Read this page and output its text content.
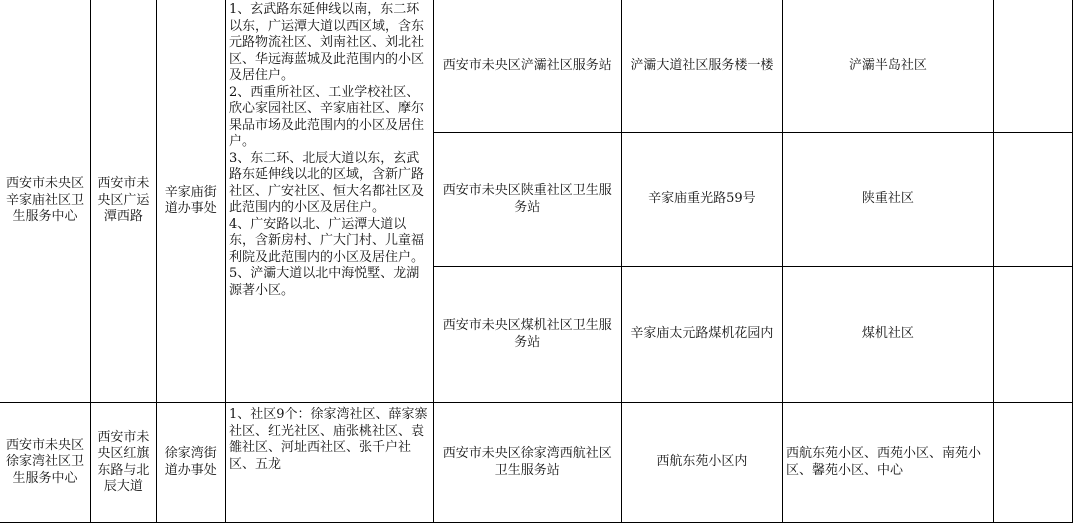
西安市未央区辛家庙社区卫生服务中心	西安市未央区广运潭西路	辛家庙街道办事处	1、玄武路东延伸线以南，东二环以东，广运潭大道以西区域，含东元路物流社区、刘南社区、刘北社区、华远海蓝城及此范围内的小区及居住户。
2、西重所社区、工业学校社区、欣心家园社区、辛家庙社区、摩尔果品市场及此范围内的小区及居住户。
3、东二环、北辰大道以东，玄武路东延伸线以北的区域，含新广路社区、广安社区、恒大名都社区及此范围内的小区及居住户。
4、广安路以北、广运潭大道以东，含新房村、广大门村、儿童福利院及此范围内的小区及居住户。
5、浐灞大道以北中海悦墅、龙湖源著小区。	西安市未央区浐灞社区服务站	浐灞大道社区服务楼一楼	浐灞半岛社区	
				西安市未央区陕重社区卫生服务站	辛家庙重光路59号	陕重社区	
				西安市未央区煤机社区卫生服务站	辛家庙太元路煤机花园内	煤机社区	
西安市未央区徐家湾社区卫生服务中心	西安市未央区红旗东路与北辰大道	徐家湾街道办事处	1、社区9个：徐家湾社区、薛家寨社区、红光社区、庙张桃社区、袁雒社区、河址西社区、张千户社区、五龙	西安市未央区徐家湾西航社区卫生服务站	西航东苑小区内	西航东苑小区、西苑小区、南苑小区、馨苑小区、中心	
